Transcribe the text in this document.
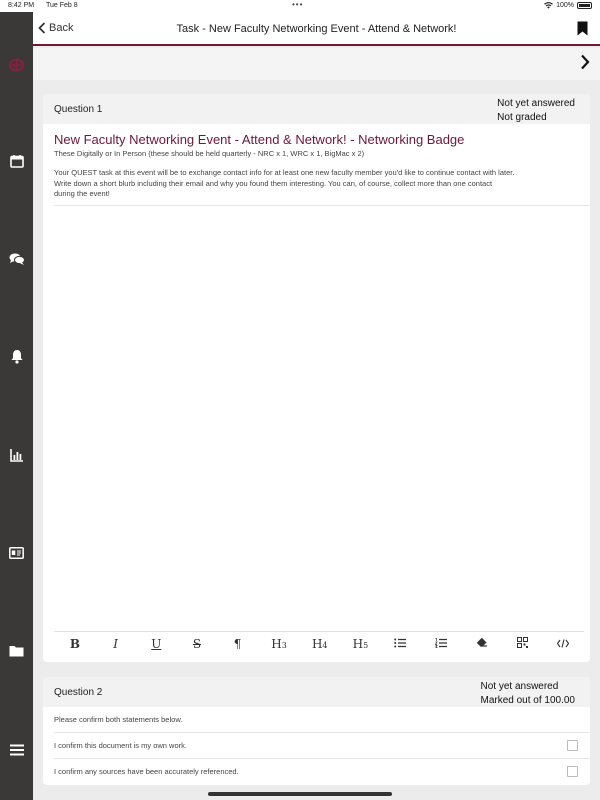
8:42 PM Tue Feb 8	•••	100%
Back	Task - New Faculty Networking Event - Attend & Network!
Question 1
Not yet answered
Not graded
New Faculty Networking Event - Attend & Network! - Networking Badge
These Digitally or In Person (these should be held quarterly - NRC x 1, WRC x 1, BigMac x 2)
Your QUEST task at this event will be to exchange contact info for at least one new faculty member you'd like to continue contact with later.
Write down a short blurb including their email and why you found them interesting. You can, of course, collect more than one contact
during the event!
B	I	U	S	¶ H3 H4 H5
Question 2
Not yet answered
Marked out of 100.00
Please confirm both statements below.
I confirm this document is my own work.
I confirm any sources have been accurately referenced.
